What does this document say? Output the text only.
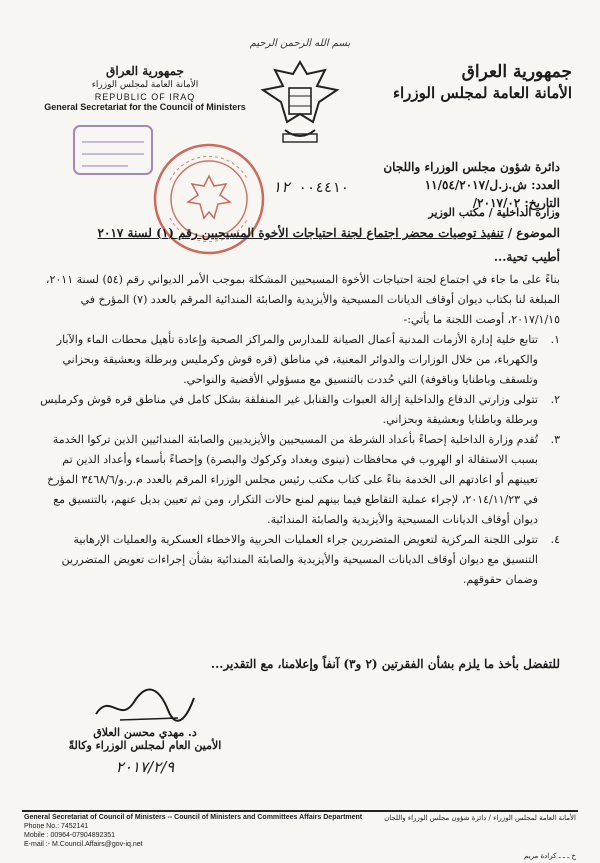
بسم الله الرحمن الرحيم
جمهورية العراق
الأمانة العامة لمجلس الوزراء
جمهورية العراق
الأمانة العامة لمجلس الوزراء
REPUBLIC OF IRAQ
General Secretariat for the Council of Ministers
دائرة شؤون مجلس الوزراء واللجان
العدد: ش.ز.ل/١١/٥٤/٢٠١٧
التاريخ: ٢٠١٧/٠٢/
٠٠٤٤١٠ ١٢
وزارة الداخلية / مكتب الوزير
الموضوع / تنفيذ توصيات محضر اجتماع لجنة احتياجات الأخوة المسيحيين رقم (١) لسنة ٢٠١٧
أطيب تحية...

بناءً على ما جاء في اجتماع لجنة احتياجات الأخوة المسيحيين المشكلة بموجب الأمر الديواني رقم (٥٤) لسنة ٢٠١١، المبلغة لنا بكتاب ديوان أوقاف الديانات المسيحية والأيزيدية والصابئة المندائية المرقم بالعدد (٧) المؤرخ في ٢٠١٧/١/١٥، أوصت اللجنة ما يأتي:-

١.
تتابع خلية إدارة الأزمات المدنية أعمال الصيانة للمدارس والمراكز الصحية وإعادة تأهيل محطات الماء والآبار والكهرباء، من خلال الوزارات والدوائر المعنية، في مناطق (قره قوش وكرمليس وبرطلة وبعشيقة وبحزاني وتلسقف وباطنايا وباقوفة) التي حُددت بالتنسيق مع مسؤولي الأقضية والنواحي.
٢.
تتولى وزارتي الدفاع والداخلية إزالة العبوات والقنابل غير المنفلقة بشكل كامل في مناطق قره قوش وكرمليس وبرطلة وباطنايا وبعشيقة وبحزاني.
٣.
تُقدم وزارة الداخلية إحصاءً بأعداد الشرطة من المسيحيين والأيزيديين والصابئة المندائيين الذين تركوا الخدمة بسبب الاستقالة او الهروب في محافظات (نينوى وبغداد وكركوك والبصرة) وإحصاءً بأسماء وأعداد الذين تم تعيينهم أو اعادتهم الى الخدمة بناءً على كتاب مكتب رئيس مجلس الوزراء المرقم بالعدد م.ر.و/٣٤٦٨/٦ المؤرخ في ٢٠١٤/١١/٢٣، لإجراء عملية التقاطع فيما بينهم لمنع حالات التكرار، ومن ثم تعيين بديل عنهم، بالتنسيق مع ديوان أوقاف الديانات المسيحية والأيزيدية والصابئة المندائية.
٤.
تتولى اللجنة المركزية لتعويض المتضررين جراء العمليات الحربية والاخطاء العسكرية والعمليات الإرهابية التنسيق مع ديوان أوقاف الديانات المسيحية والأيزيدية والصابئة المندائية بشأن إجراءات تعويض المتضررين وضمان حقوقهم.
للتفضل بأخذ ما يلزم بشأن الفقرتين (٢ و٣) آنفاً وإعلامنا، مع التقدير...
د. مهدي محسن العلاق
الأمين العام لمجلس الوزراء وكالةً
٢٠١٧/٢/٩
General Secretariat of Council of Ministers -- Council of Ministers and Committees Affairs Department
Phone No.: 7452141
Mobile : 00964-07904892351
E-mail :- M.Council.Affairs@gov-iq.net
الأمانة العامة لمجلس الوزراء / دائرة شؤون مجلس الوزراء واللجان
خ ـ ـ ـ كرادة مريم
